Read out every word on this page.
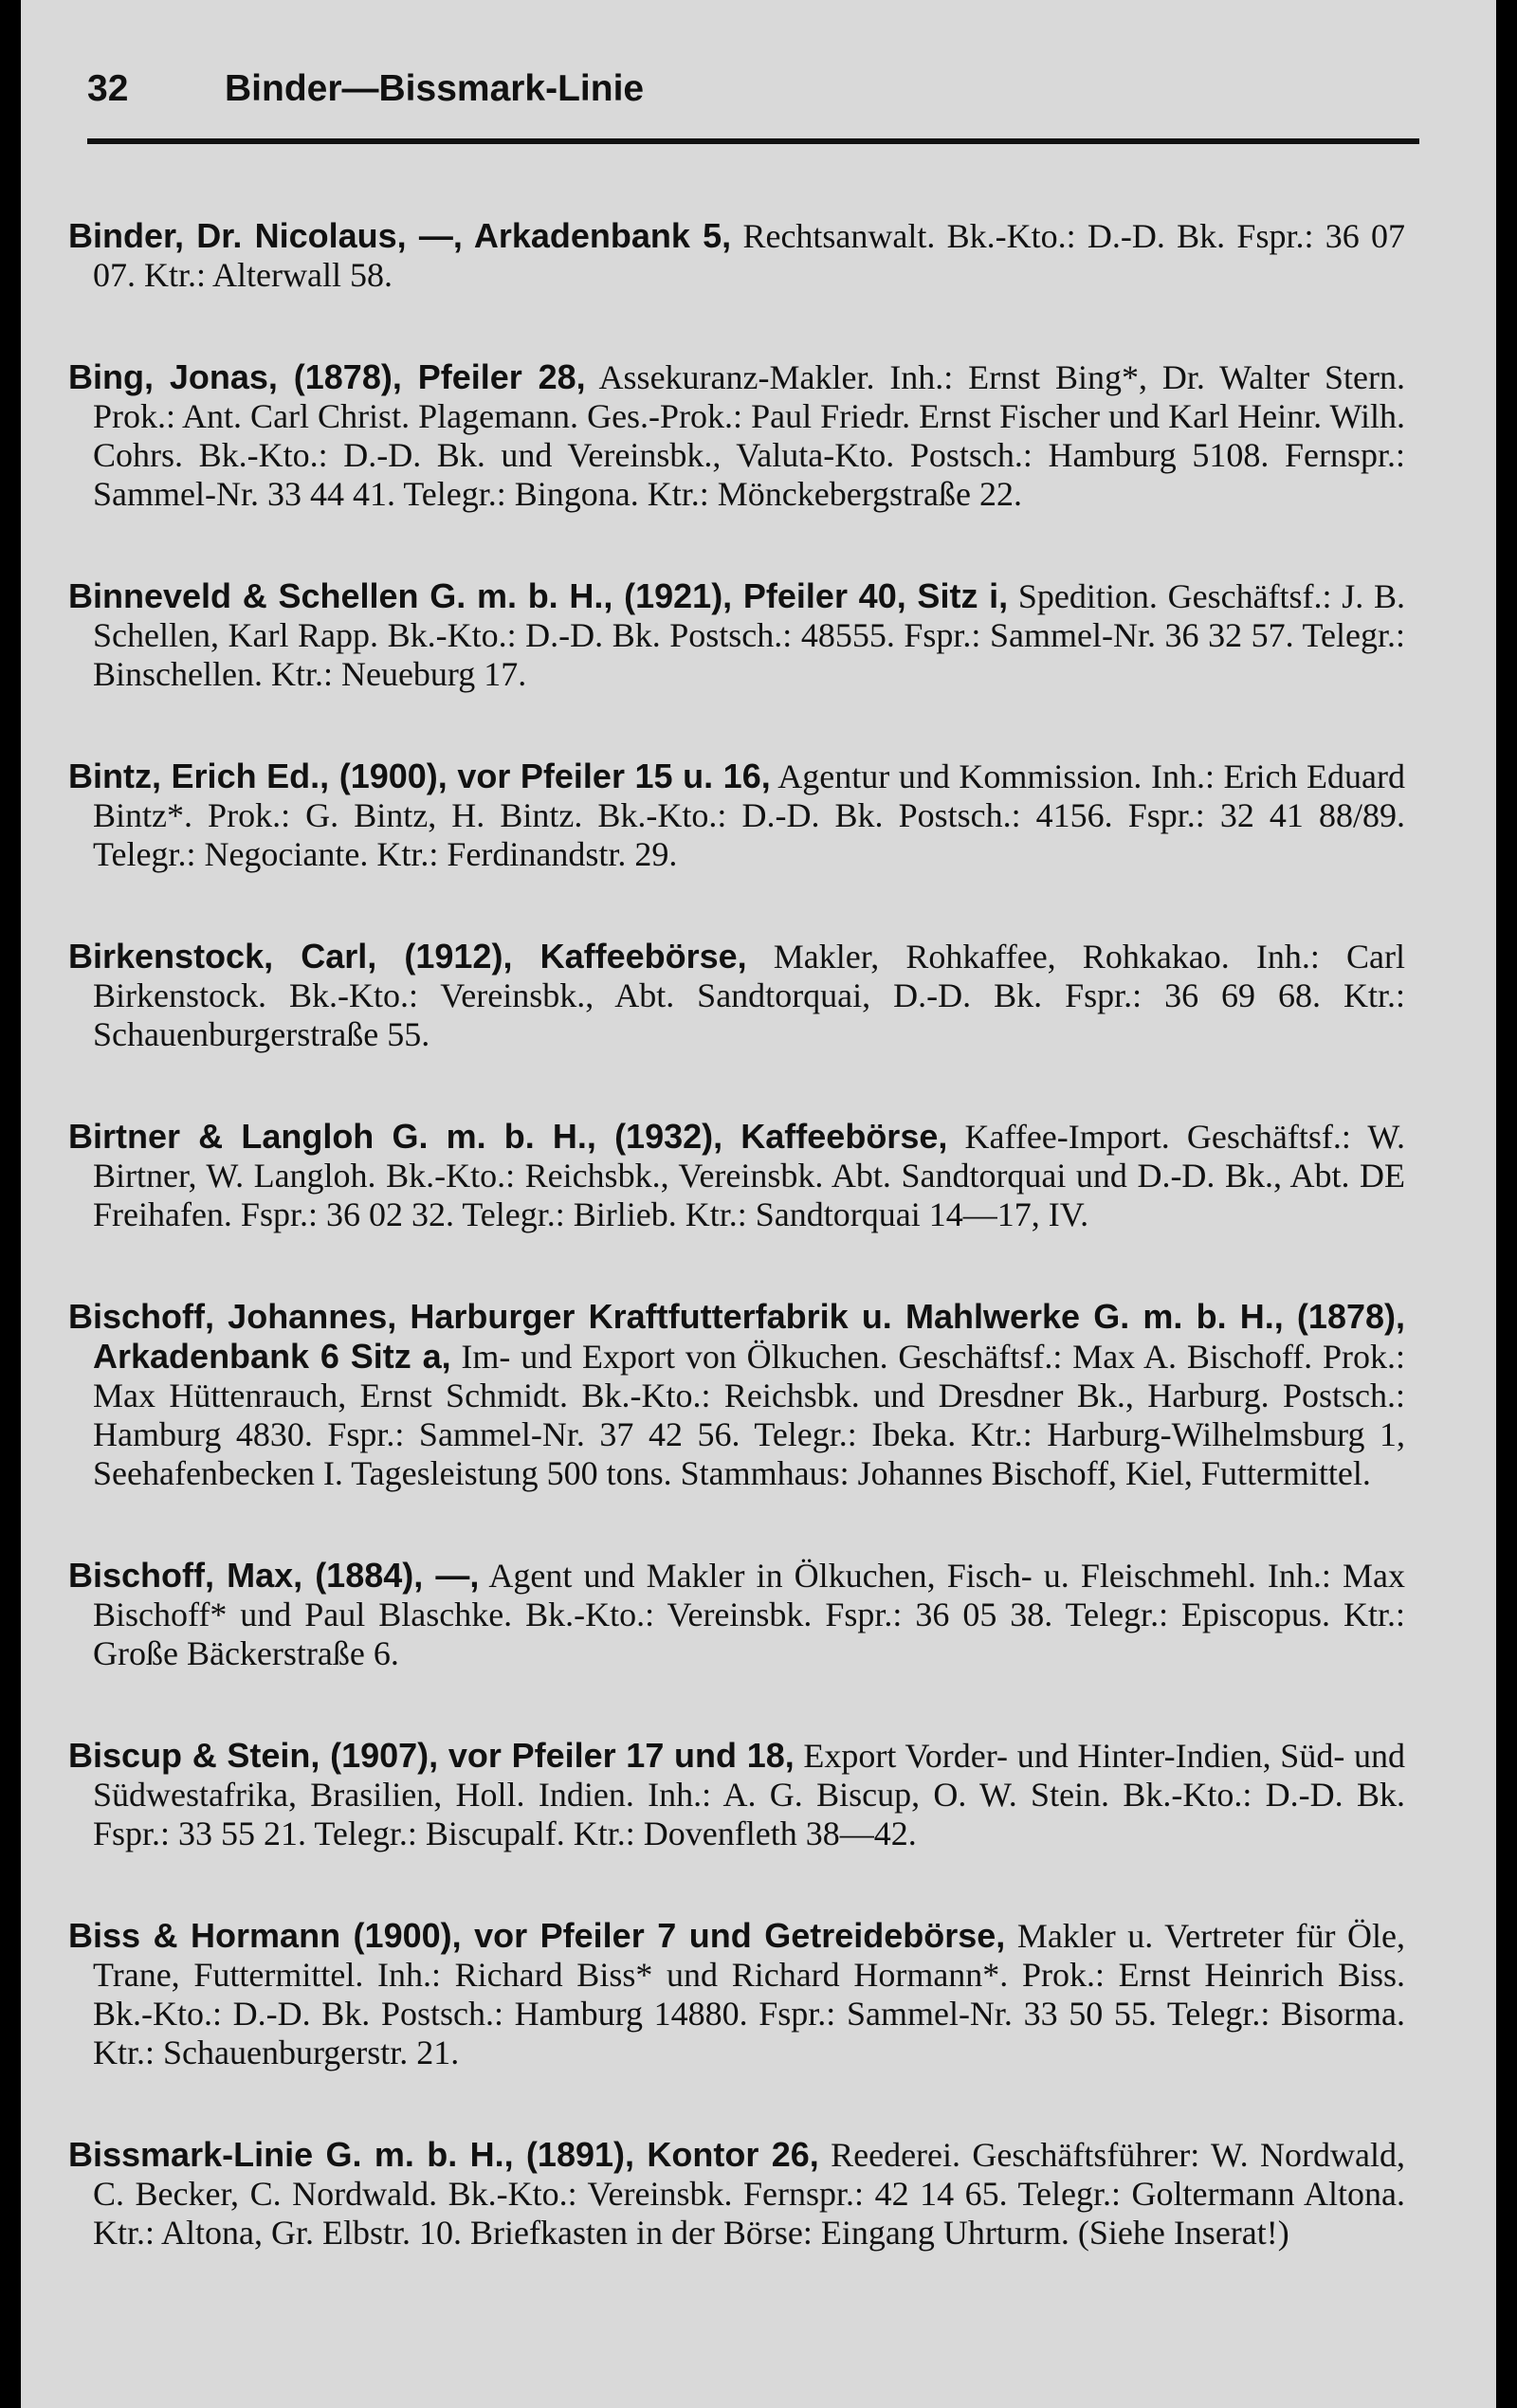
32	Binder—Bissmark-Linie

Binder, Dr. Nicolaus, —, Arkadenbank 5, Rechtsanwalt. Bk.-Kto.: D.-D. Bk. Fspr.: 36 07 07. Ktr.: Alterwall 58.

Bing, Jonas, (1878), Pfeiler 28, Assekuranz-Makler. Inh.: Ernst Bing*, Dr. Walter Stern. Prok.: Ant. Carl Christ. Plagemann. Ges.-Prok.: Paul Friedr. Ernst Fischer und Karl Heinr. Wilh. Cohrs. Bk.-Kto.: D.-D. Bk. und Vereinsbk., Valuta-Kto. Postsch.: Hamburg 5108. Fernspr.: Sammel-Nr. 33 44 41. Telegr.: Bingona. Ktr.: Mönckebergstraße 22.

Binneveld & Schellen G. m. b. H., (1921), Pfeiler 40, Sitz i, Spedition. Geschäftsf.: J. B. Schellen, Karl Rapp. Bk.-Kto.: D.-D. Bk. Postsch.: 48555. Fspr.: Sammel-Nr. 36 32 57. Telegr.: Binschellen. Ktr.: Neueburg 17.

Bintz, Erich Ed., (1900), vor Pfeiler 15 u. 16, Agentur und Kommission. Inh.: Erich Eduard Bintz*. Prok.: G. Bintz, H. Bintz. Bk.-Kto.: D.-D. Bk. Postsch.: 4156. Fspr.: 32 41 88/89. Telegr.: Negociante. Ktr.: Ferdinandstr. 29.

Birkenstock, Carl, (1912), Kaffeebörse, Makler, Rohkaffee, Rohkakao. Inh.: Carl Birkenstock. Bk.-Kto.: Vereinsbk., Abt. Sandtorquai, D.-D. Bk. Fspr.: 36 69 68. Ktr.: Schauenburgerstraße 55.

Birtner & Langloh G. m. b. H., (1932), Kaffeebörse, Kaffee-Import. Geschäftsf.: W. Birtner, W. Langloh. Bk.-Kto.: Reichsbk., Vereinsbk. Abt. Sandtorquai und D.-D. Bk., Abt. DE Freihafen. Fspr.: 36 02 32. Telegr.: Birlieb. Ktr.: Sandtorquai 14—17, IV.

Bischoff, Johannes, Harburger Kraftfutterfabrik u. Mahlwerke G. m. b. H., (1878), Arkadenbank 6 Sitz a, Im- und Export von Ölkuchen. Geschäftsf.: Max A. Bischoff. Prok.: Max Hüttenrauch, Ernst Schmidt. Bk.-Kto.: Reichsbk. und Dresdner Bk., Harburg. Postsch.: Hamburg 4830. Fspr.: Sammel-Nr. 37 42 56. Telegr.: Ibeka. Ktr.: Harburg-Wilhelmsburg 1, Seehafenbecken I. Tagesleistung 500 tons. Stammhaus: Johannes Bischoff, Kiel, Futtermittel.

Bischoff, Max, (1884), —, Agent und Makler in Ölkuchen, Fisch- u. Fleischmehl. Inh.: Max Bischoff* und Paul Blaschke. Bk.-Kto.: Vereinsbk. Fspr.: 36 05 38. Telegr.: Episcopus. Ktr.: Große Bäckerstraße 6.

Biscup & Stein, (1907), vor Pfeiler 17 und 18, Export Vorder- und Hinter-Indien, Süd- und Südwestafrika, Brasilien, Holl. Indien. Inh.: A. G. Biscup, O. W. Stein. Bk.-Kto.: D.-D. Bk. Fspr.: 33 55 21. Telegr.: Biscupalf. Ktr.: Dovenfleth 38—42.

Biss & Hormann (1900), vor Pfeiler 7 und Getreidebörse, Makler u. Vertreter für Öle, Trane, Futtermittel. Inh.: Richard Biss* und Richard Hormann*. Prok.: Ernst Heinrich Biss. Bk.-Kto.: D.-D. Bk. Postsch.: Hamburg 14880. Fspr.: Sammel-Nr. 33 50 55. Telegr.: Bisorma. Ktr.: Schauenburgerstr. 21.

Bissmark-Linie G. m. b. H., (1891), Kontor 26, Reederei. Geschäftsführer: W. Nordwald, C. Becker, C. Nordwald. Bk.-Kto.: Vereinsbk. Fernspr.: 42 14 65. Telegr.: Goltermann Altona. Ktr.: Altona, Gr. Elbstr. 10. Briefkasten in der Börse: Eingang Uhrturm. (Siehe Inserat!)
